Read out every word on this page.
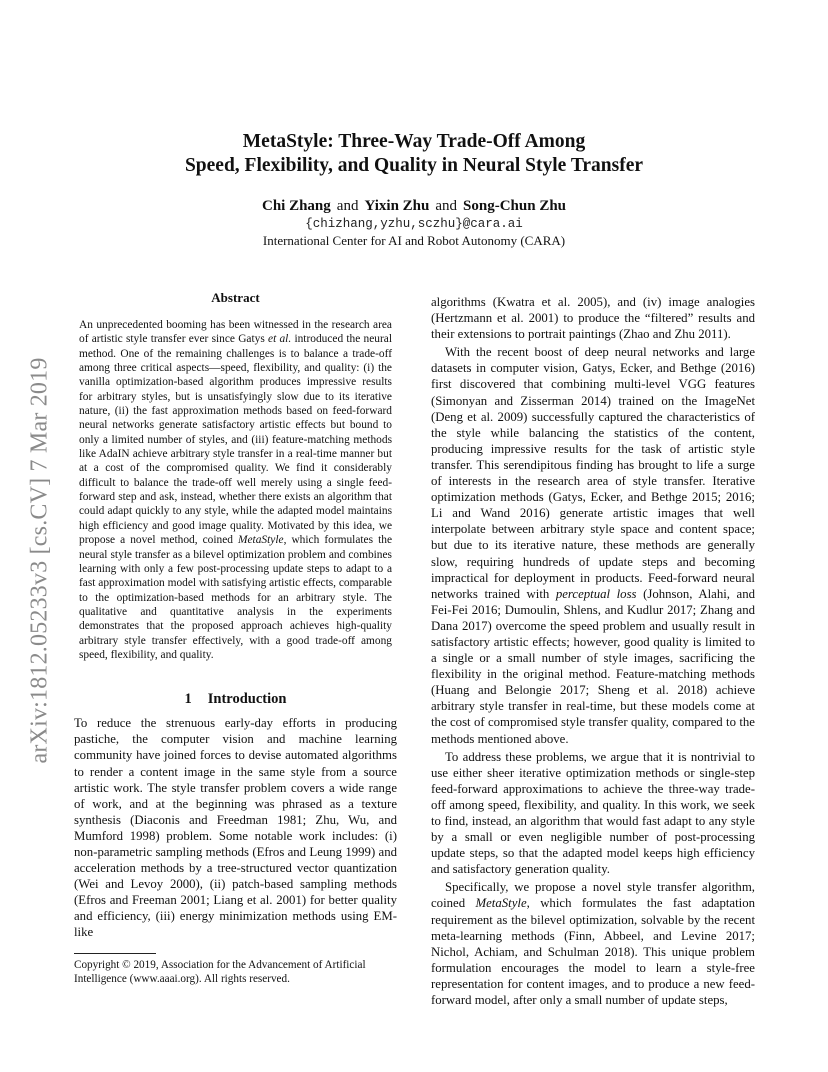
arXiv:1812.05233v3 [cs.CV] 7 Mar 2019
MetaStyle: Three-Way Trade-Off Among
Speed, Flexibility, and Quality in Neural Style Transfer
Chi Zhang and Yixin Zhu and Song-Chun Zhu
{chizhang,yzhu,sczhu}@cara.ai
International Center for AI and Robot Autonomy (CARA)
Abstract

An unprecedented booming has been witnessed in the research area of artistic style transfer ever since Gatys et al. introduced the neural method. One of the remaining challenges is to balance a trade-off among three critical aspects—speed, flexibility, and quality: (i) the vanilla optimization-based algorithm produces impressive results for arbitrary styles, but is unsatisfyingly slow due to its iterative nature, (ii) the fast approximation methods based on feed-forward neural networks generate satisfactory artistic effects but bound to only a limited number of styles, and (iii) feature-matching methods like AdaIN achieve arbitrary style transfer in a real-time manner but at a cost of the compromised quality. We find it considerably difficult to balance the trade-off well merely using a single feed-forward step and ask, instead, whether there exists an algorithm that could adapt quickly to any style, while the adapted model maintains high efficiency and good image quality. Motivated by this idea, we propose a novel method, coined MetaStyle, which formulates the neural style transfer as a bilevel optimization problem and combines learning with only a few post-processing update steps to adapt to a fast approximation model with satisfying artistic effects, comparable to the optimization-based methods for an arbitrary style. The qualitative and quantitative analysis in the experiments demonstrates that the proposed approach achieves high-quality arbitrary style transfer effectively, with a good trade-off among speed, flexibility, and quality.

1 Introduction

To reduce the strenuous early-day efforts in producing pastiche, the computer vision and machine learning community have joined forces to devise automated algorithms to render a content image in the same style from a source artistic work. The style transfer problem covers a wide range of work, and at the beginning was phrased as a texture synthesis (Diaconis and Freedman 1981; Zhu, Wu, and Mumford 1998) problem. Some notable work includes: (i) non-parametric sampling methods (Efros and Leung 1999) and acceleration methods by a tree-structured vector quantization (Wei and Levoy 2000), (ii) patch-based sampling methods (Efros and Freeman 2001; Liang et al. 2001) for better quality and efficiency, (iii) energy minimization methods using EM-like

Copyright © 2019, Association for the Advancement of Artificial Intelligence (www.aaai.org). All rights reserved.

algorithms (Kwatra et al. 2005), and (iv) image analogies (Hertzmann et al. 2001) to produce the “filtered” results and their extensions to portrait paintings (Zhao and Zhu 2011).

With the recent boost of deep neural networks and large datasets in computer vision, Gatys, Ecker, and Bethge (2016) first discovered that combining multi-level VGG features (Simonyan and Zisserman 2014) trained on the ImageNet (Deng et al. 2009) successfully captured the characteristics of the style while balancing the statistics of the content, producing impressive results for the task of artistic style transfer. This serendipitous finding has brought to life a surge of interests in the research area of style transfer. Iterative optimization methods (Gatys, Ecker, and Bethge 2015; 2016; Li and Wand 2016) generate artistic images that well interpolate between arbitrary style space and content space; but due to its iterative nature, these methods are generally slow, requiring hundreds of update steps and becoming impractical for deployment in products. Feed-forward neural networks trained with perceptual loss (Johnson, Alahi, and Fei-Fei 2016; Dumoulin, Shlens, and Kudlur 2017; Zhang and Dana 2017) overcome the speed problem and usually result in satisfactory artistic effects; however, good quality is limited to a single or a small number of style images, sacrificing the flexibility in the original method. Feature-matching methods (Huang and Belongie 2017; Sheng et al. 2018) achieve arbitrary style transfer in real-time, but these models come at the cost of compromised style transfer quality, compared to the methods mentioned above.

To address these problems, we argue that it is nontrivial to use either sheer iterative optimization methods or single-step feed-forward approximations to achieve the three-way trade-off among speed, flexibility, and quality. In this work, we seek to find, instead, an algorithm that would fast adapt to any style by a small or even negligible number of post-processing update steps, so that the adapted model keeps high efficiency and satisfactory generation quality.

Specifically, we propose a novel style transfer algorithm, coined MetaStyle, which formulates the fast adaptation requirement as the bilevel optimization, solvable by the recent meta-learning methods (Finn, Abbeel, and Levine 2017; Nichol, Achiam, and Schulman 2018). This unique problem formulation encourages the model to learn a style-free representation for content images, and to produce a new feed-forward model, after only a small number of update steps,
